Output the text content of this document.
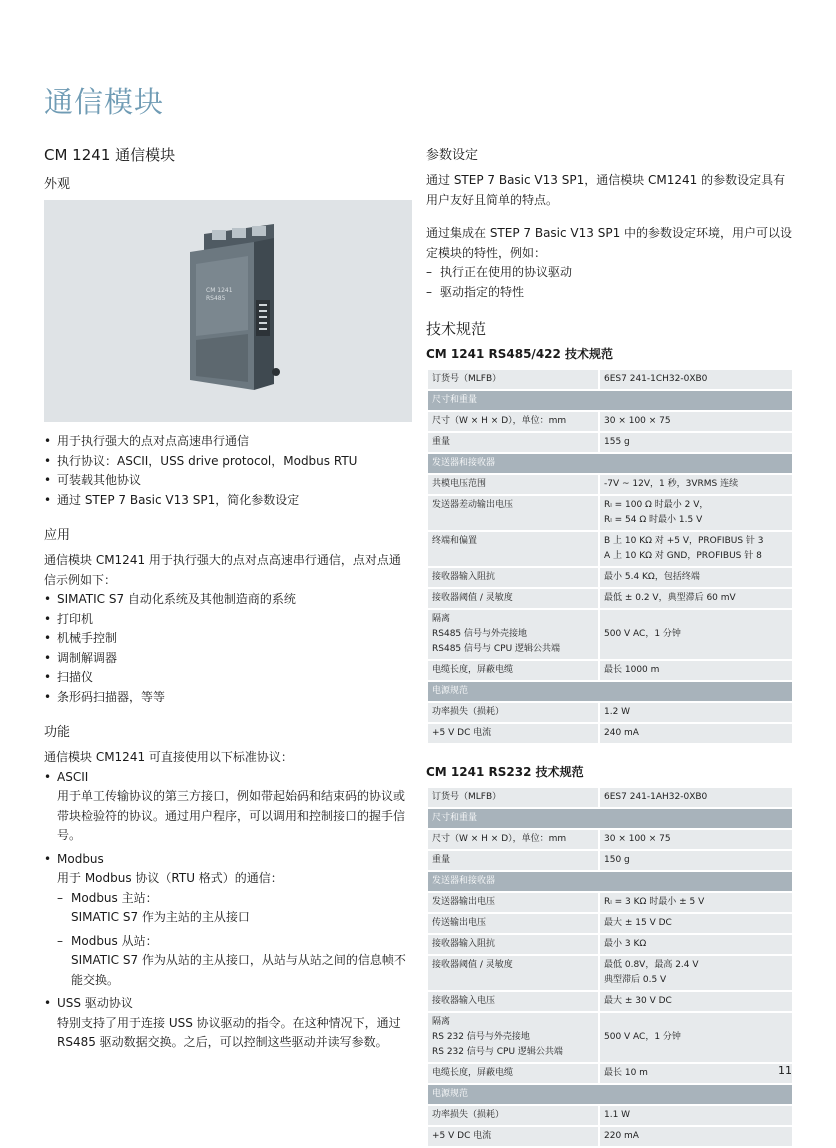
通信模块
CM 1241 通信模块
外观
CM 1241
RS485
• 用于执行强大的点对点高速串行通信
• 执行协议：ASCII，USS drive protocol，Modbus RTU
• 可装载其他协议
• 通过 STEP 7 Basic V13 SP1，简化参数设定
应用

通信模块 CM1241 用于执行强大的点对点高速串行通信，点对点通信示例如下：

• SIMATIC S7 自动化系统及其他制造商的系统
• 打印机
• 机械手控制
• 调制解调器
• 扫描仪
• 条形码扫描器，等等
功能

通信模块 CM1241 可直接使用以下标准协议：

• ASCII
用于单工传输协议的第三方接口，例如带起始码和结束码的协议或带块检验符的协议。通过用户程序，可以调用和控制接口的握手信号。
• Modbus
用于 Modbus 协议（RTU 格式）的通信：
– Modbus 主站：
SIMATIC S7 作为主站的主从接口
– Modbus 从站：
SIMATIC S7 作为从站的主从接口，从站与从站之间的信息帧不能交换。
• USS 驱动协议
特别支持了用于连接 USS 协议驱动的指令。在这种情况下，通过 RS485 驱动数据交换。之后，可以控制这些驱动并读写参数。
参数设定

通过 STEP 7 Basic V13 SP1，通信模块 CM1241 的参数设定具有用户友好且简单的特点。

通过集成在 STEP 7 Basic V13 SP1 中的参数设定环境，用户可以设定模块的特性，例如：

– 执行正在使用的协议驱动
– 驱动指定的特性
技术规范
CM 1241 RS485/422 技术规范
订货号（MLFB）	6ES7 241-1CH32-0XB0

尺寸和重量	
尺寸（W × H × D），单位：mm	30 × 100 × 75

重量	155 g

发送器和接收器	
共模电压范围	-7V ~ 12V，1 秒，3VRMS 连续

发送器差动输出电压	Rₗ = 100 Ω 时最小 2 V，
Rₗ = 54 Ω 时最小 1.5 V

终端和偏置	B 上 10 KΩ 对 +5 V，PROFIBUS 针 3
A 上 10 KΩ 对 GND，PROFIBUS 针 8

接收器输入阻抗	最小 5.4 KΩ，包括终端

接收器阈值 / 灵敏度	最低 ± 0.2 V，典型滞后 60 mV

隔离
RS485 信号与外壳接地
RS485 信号与 CPU 逻辑公共端	500 V AC，1 分钟

电缆长度，屏蔽电缆	最长 1000 m

电源规范	
功率损失（损耗）	1.2 W

+5 V DC 电流	240 mA
CM 1241 RS232 技术规范
订货号（MLFB）	6ES7 241-1AH32-0XB0

尺寸和重量	
尺寸（W × H × D），单位：mm	30 × 100 × 75

重量	150 g

发送器和接收器	
发送器输出电压	Rₗ = 3 KΩ 时最小 ± 5 V

传送输出电压	最大 ± 15 V DC

接收器输入阻抗	最小 3 KΩ

接收器阈值 / 灵敏度	最低 0.8V，最高 2.4 V
典型滞后 0.5 V

接收器输入电压	最大 ± 30 V DC

隔离
RS 232 信号与外壳接地
RS 232 信号与 CPU 逻辑公共端	500 V AC，1 分钟

电缆长度，屏蔽电缆	最长 10 m

电源规范	
功率损失（损耗）	1.1 W

+5 V DC 电流	220 mA
11
